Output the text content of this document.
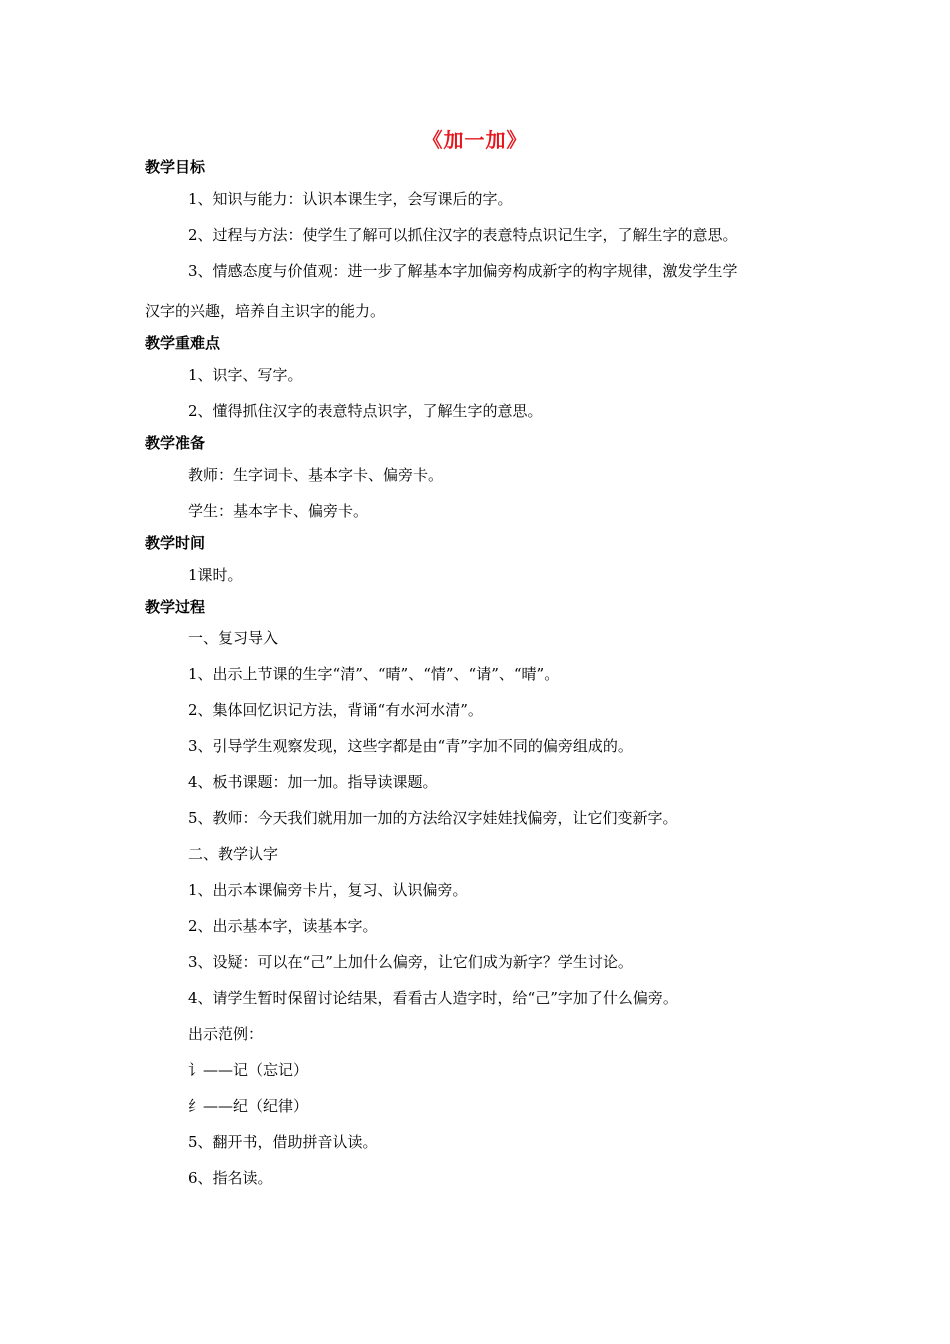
《加一加》
教学目标
1、知识与能力：认识本课生字，会写课后的字。
2、过程与方法：使学生了解可以抓住汉字的表意特点识记生字，了解生字的意思。
3、情感态度与价值观：进一步了解基本字加偏旁构成新字的构字规律，激发学生学
汉字的兴趣，培养自主识字的能力。
教学重难点
1、识字、写字。
2、懂得抓住汉字的表意特点识字，了解生字的意思。
教学准备
教师：生字词卡、基本字卡、偏旁卡。
学生：基本字卡、偏旁卡。
教学时间
1课时。
教学过程
一、复习导入
1、出示上节课的生字“清”、“晴”、“情”、“请”、“晴”。
2、集体回忆识记方法，背诵“有水河水清”。
3、引导学生观察发现，这些字都是由“青”字加不同的偏旁组成的。
4、板书课题：加一加。指导读课题。
5、教师：今天我们就用加一加的方法给汉字娃娃找偏旁，让它们变新字。
二、教学认字
1、出示本课偏旁卡片，复习、认识偏旁。
2、出示基本字，读基本字。
3、设疑：可以在“己”上加什么偏旁，让它们成为新字？学生讨论。
4、请学生暂时保留讨论结果，看看古人造字时，给“己”字加了什么偏旁。
出示范例：
讠——记（忘记）
纟——纪（纪律）
5、翻开书，借助拼音认读。
6、指名读。
